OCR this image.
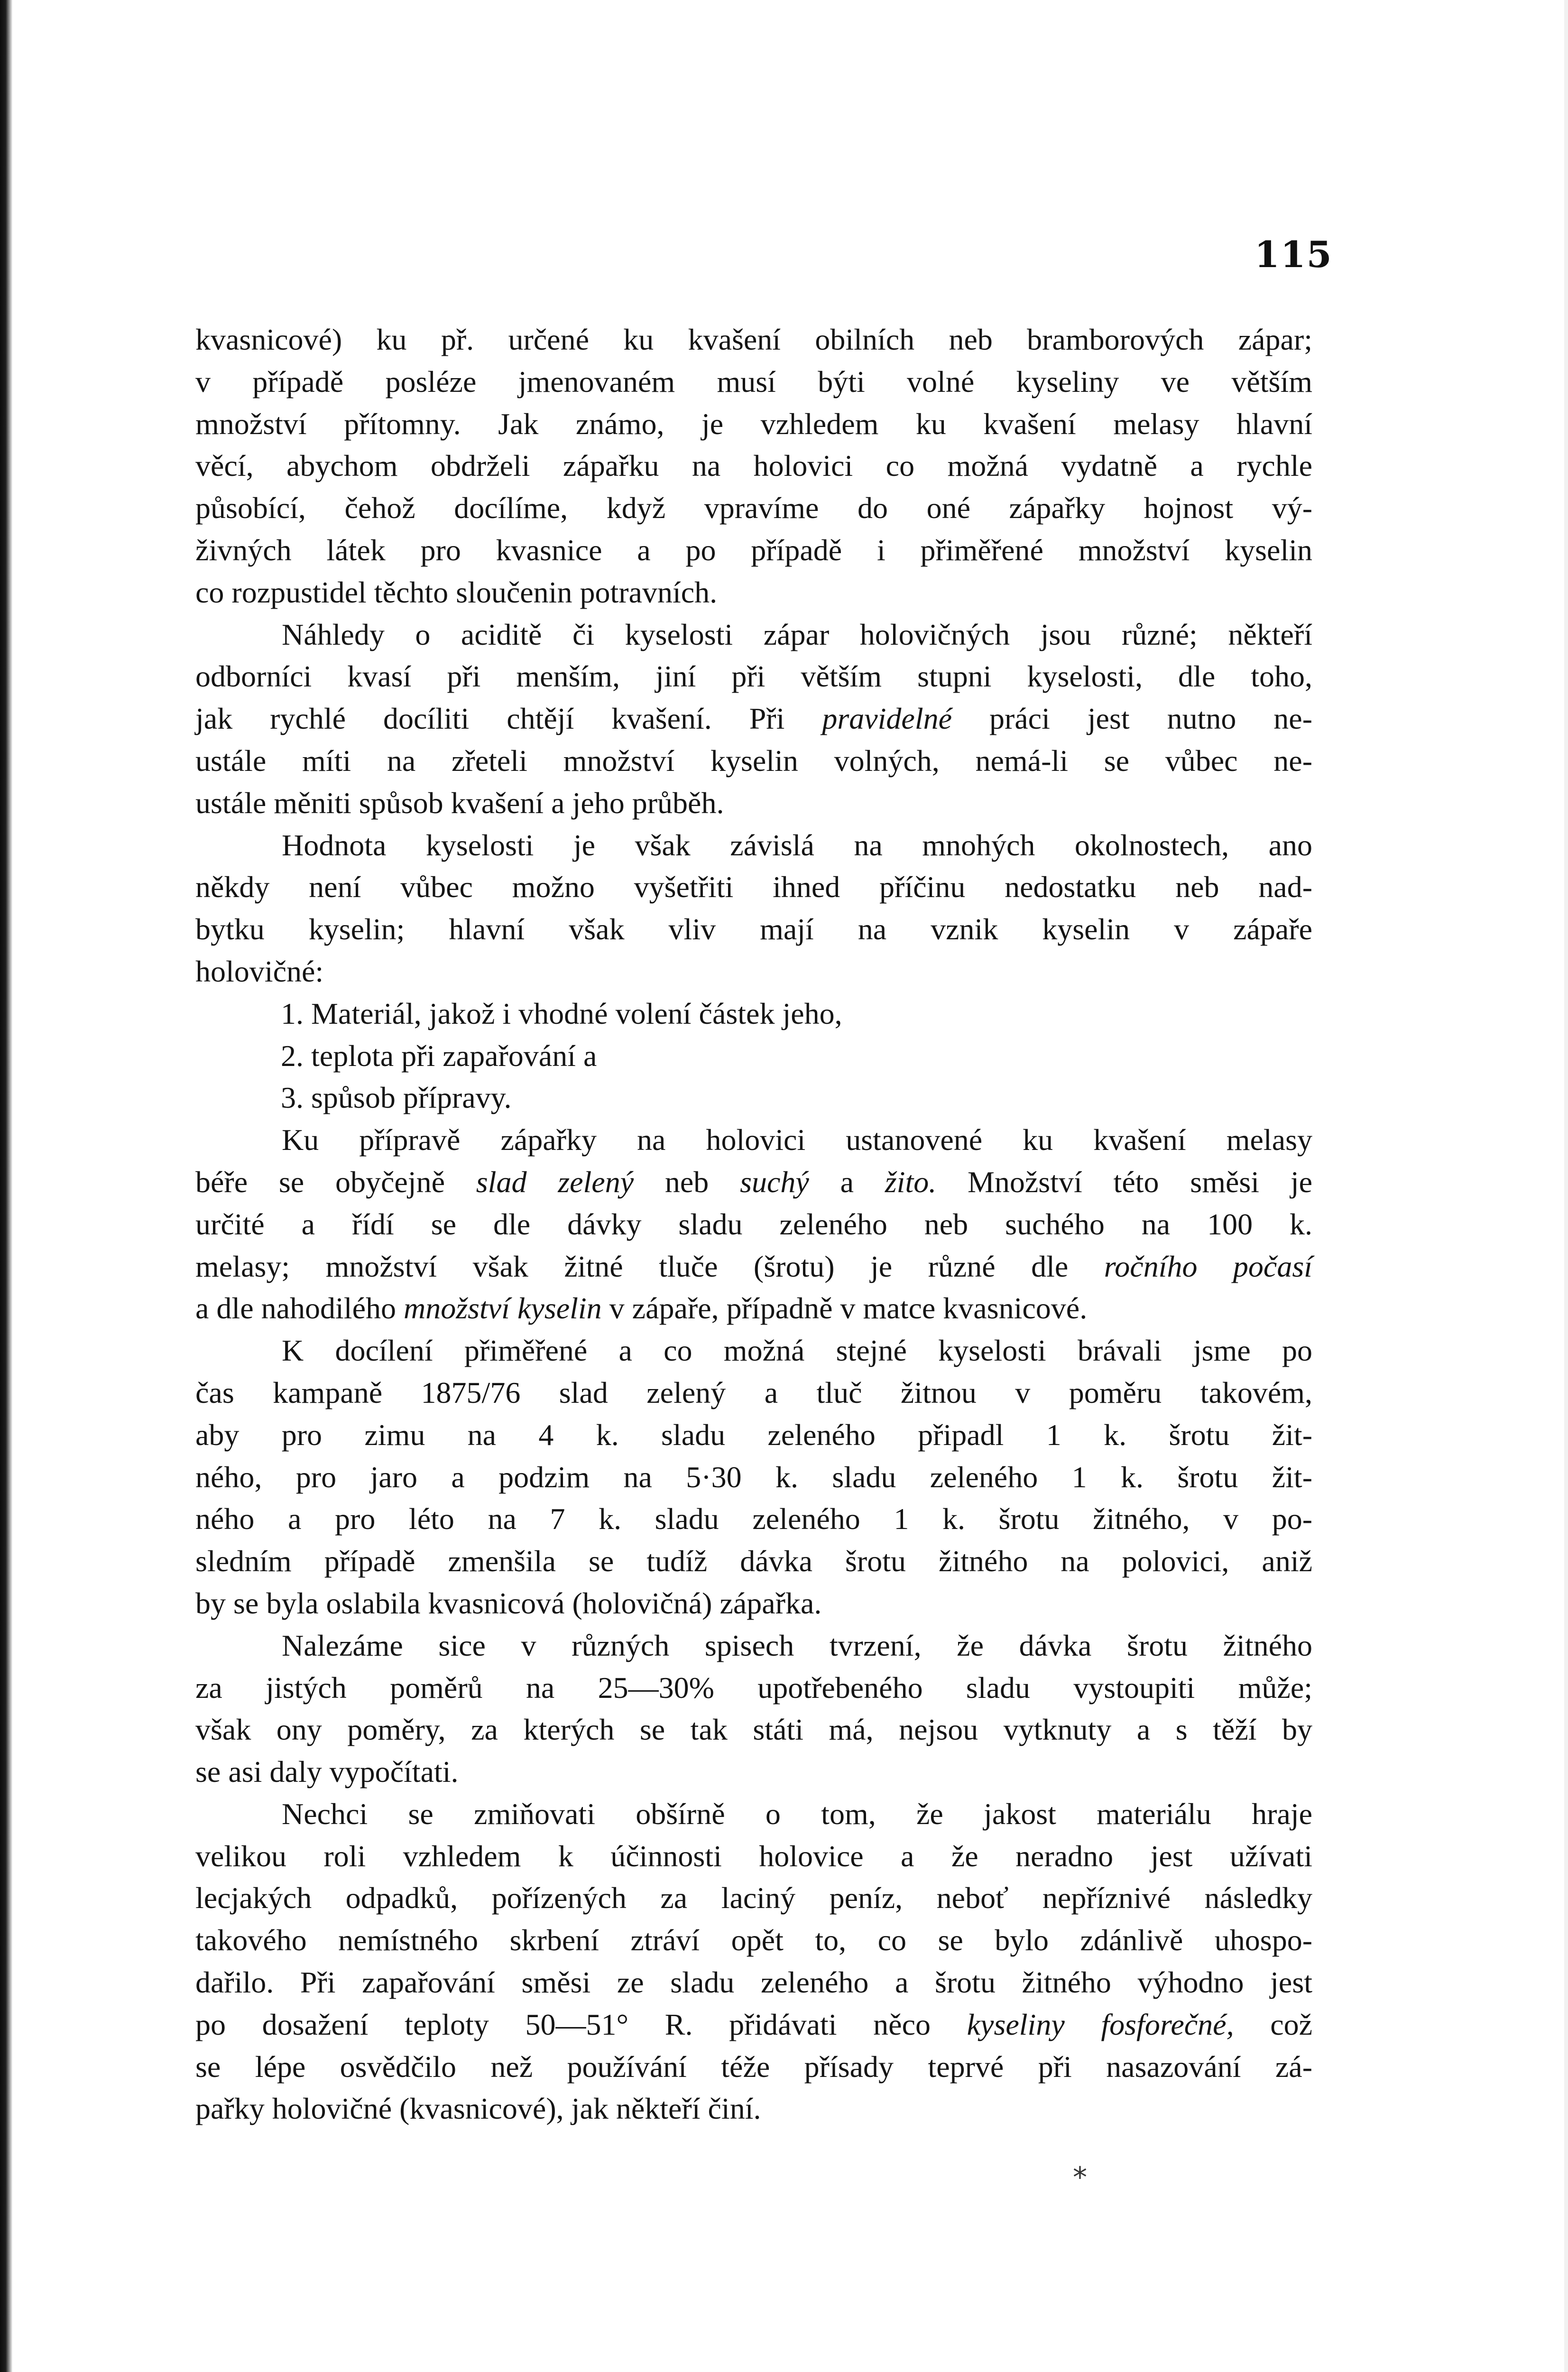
115
kvasnicové) ku př. určené ku kvašení obilních neb bramborových zápar;
v případě posléze jmenovaném musí býti volné kyseliny ve větším
množství přítomny. Jak známo, je vzhledem ku kvašení melasy hlavní
věcí, abychom obdrželi zápařku na holovici co možná vydatně a rychle
působící, čehož docílíme, když vpravíme do oné zápařky hojnost vý-
živných látek pro kvasnice a po případě i přiměřené množství kyselin
co rozpustidel těchto sloučenin potravních.
Náhledy o aciditě či kyselosti zápar holovičných jsou různé; někteří
odborníci kvasí při menším, jiní při větším stupni kyselosti, dle toho,
jak rychlé docíliti chtějí kvašení. Při pravidelné práci jest nutno ne-
ustále míti na zřeteli množství kyselin volných, nemá-li se vůbec ne-
ustále měniti spůsob kvašení a jeho průběh.
Hodnota kyselosti je však závislá na mnohých okolnostech, ano
někdy není vůbec možno vyšetřiti ihned příčinu nedostatku neb nad-
bytku kyselin; hlavní však vliv mají na vznik kyselin v zápaře
holovičné:
1. Materiál, jakož i vhodné volení částek jeho,
2. teplota při zapařování a
3. spůsob přípravy.
Ku přípravě zápařky na holovici ustanovené ku kvašení melasy
béře se obyčejně slad zelený neb suchý a žito. Množství této směsi je
určité a řídí se dle dávky sladu zeleného neb suchého na 100 k.
melasy; množství však žitné tluče (šrotu) je různé dle ročního počasí
a dle nahodilého množství kyselin v zápaře, případně v matce kvasnicové.
K docílení přiměřené a co možná stejné kyselosti brávali jsme po
čas kampaně 1875/76 slad zelený a tluč žitnou v poměru takovém,
aby pro zimu na 4 k. sladu zeleného připadl 1 k. šrotu žit-
ného, pro jaro a podzim na 5·30 k. sladu zeleného 1 k. šrotu žit-
ného a pro léto na 7 k. sladu zeleného 1 k. šrotu žitného, v po-
sledním případě zmenšila se tudíž dávka šrotu žitného na polovici, aniž
by se byla oslabila kvasnicová (holovičná) zápařka.
Nalezáme sice v různých spisech tvrzení, že dávka šrotu žitného
za jistých poměrů na 25—30% upotřebeného sladu vystoupiti může;
však ony poměry, za kterých se tak státi má, nejsou vytknuty a s těží by
se asi daly vypočítati.
Nechci se zmiňovati obšírně o tom, že jakost materiálu hraje
velikou roli vzhledem k účinnosti holovice a že neradno jest užívati
lecjakých odpadků, pořízených za laciný peníz, neboť nepříznivé následky
takového nemístného skrbení ztráví opět to, co se bylo zdánlivě uhospo-
dařilo. Při zapařování směsi ze sladu zeleného a šrotu žitného výhodno jest
po dosažení teploty 50—51° R. přidávati něco kyseliny fosforečné, což
se lépe osvědčilo než používání téže přísady teprvé při nasazování zá-
pařky holovičné (kvasnicové), jak někteří činí.
*
